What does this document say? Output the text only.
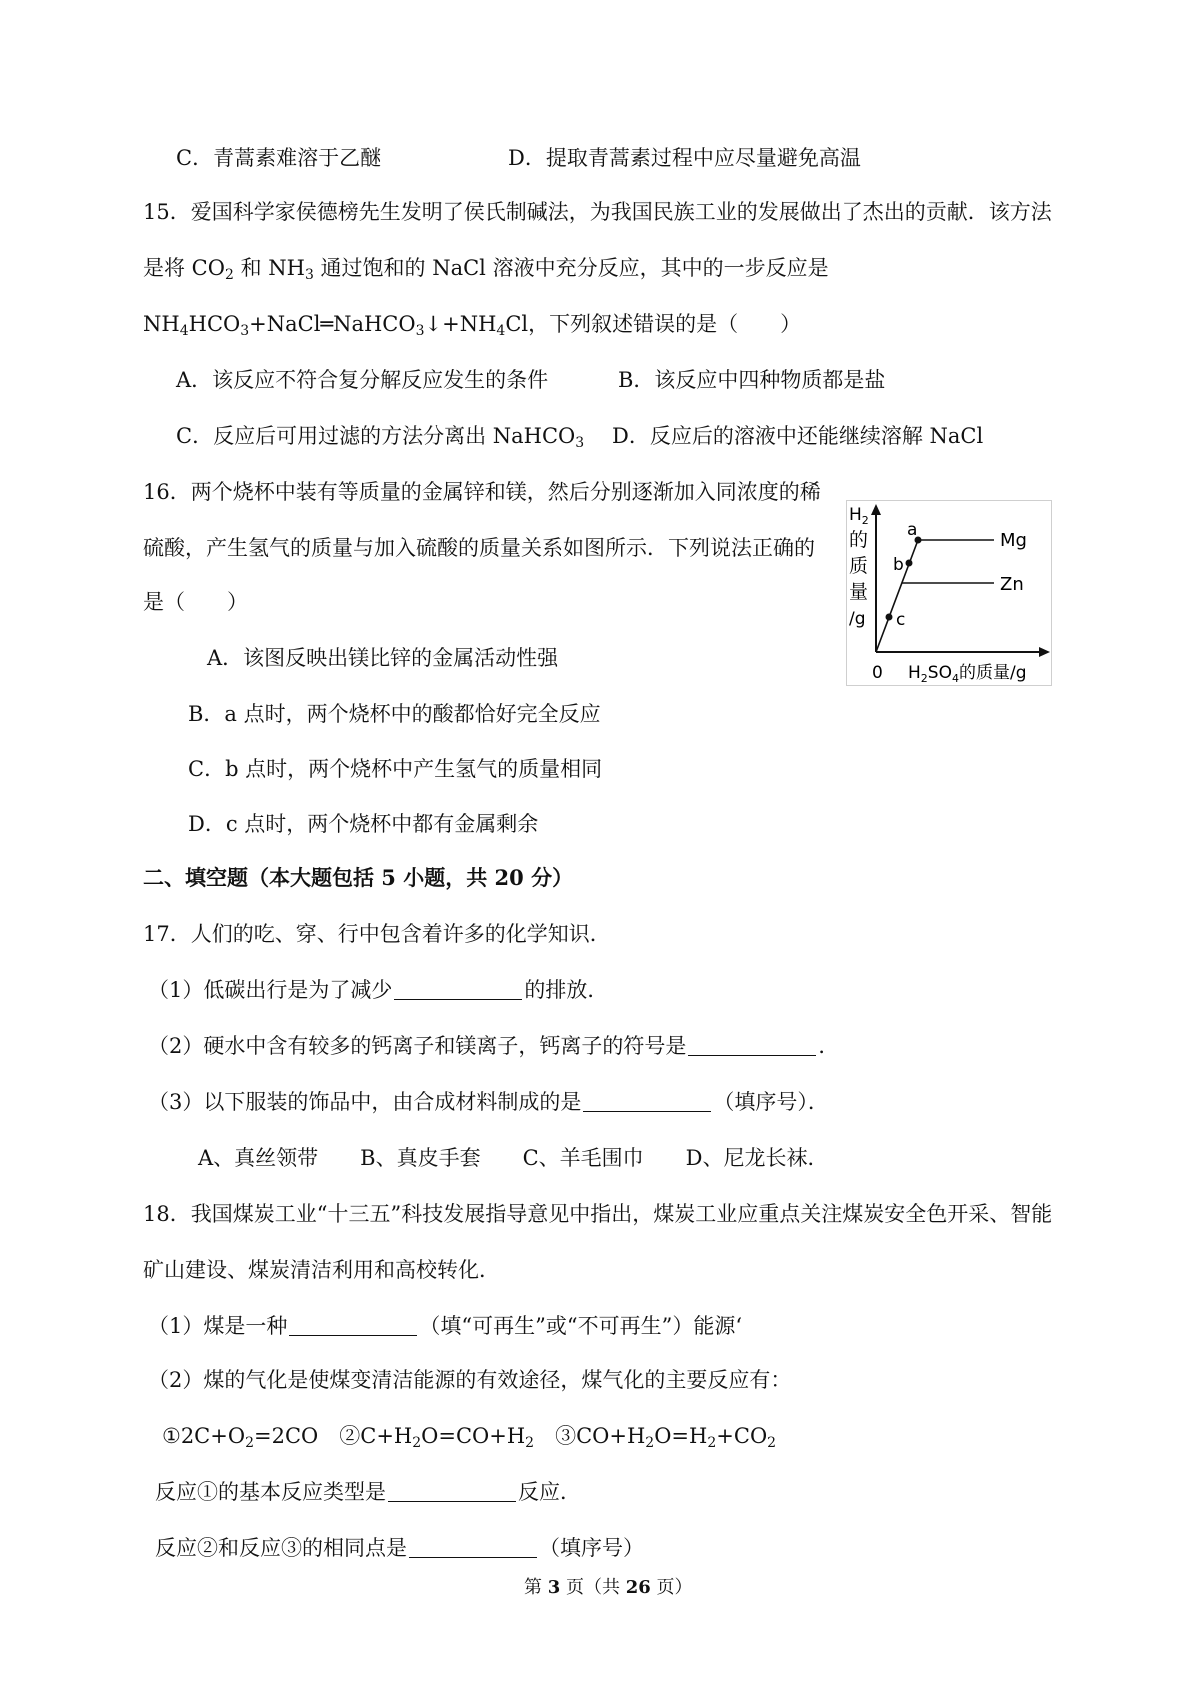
C．青蒿素难溶于乙醚	D．提取青蒿素过程中应尽量避免高温
15．爱国科学家侯德榜先生发明了侯氏制碱法，为我国民族工业的发展做出了杰出的贡献．该方法
是将 $CO_2$ 和 $NH_3$ 通过饱和的 NaCl 溶液中充分反应，其中的一步反应是
$NH_4HCO_3+NaCl═NaHCO_3↓+NH_4Cl$，下列叙述错误的是（　　）
A．该反应不符合复分解反应发生的条件	B．该反应中四种物质都是盐
C．反应后可用过滤的方法分离出 NaHCO$_3$ D．反应后的溶液中还能继续溶解 NaCl
16．两个烧杯中装有等质量的金属锌和镁，然后分别逐渐加入同浓度的稀
硫酸，产生氢气的质量与加入硫酸的质量关系如图所示．下列说法正确的
是（　　）
A．该图反映出镁比锌的金属活动性强
B．a 点时，两个烧杯中的酸都恰好完全反应
C．b 点时，两个烧杯中产生氢气的质量相同
D．c 点时，两个烧杯中都有金属剩余
a
b
c
Mg
Zn
$H_2$
的
质
量
/g
0 $H_2SO_4$的质量/g
二、填空题（本大题包括 5 小题，共 20 分）
17．人们的吃、穿、行中包含着许多的化学知识．
（1）低碳出行是为了减少	的排放．
（2）硬水中含有较多的钙离子和镁离子，钙离子的符号是	．
（3）以下服装的饰品中，由合成材料制成的是	（填序号）．
A、真丝领带　　B、真皮手套　　C、羊毛围巾　　D、尼龙长袜．
18．我国煤炭工业“十三五”科技发展指导意见中指出，煤炭工业应重点关注煤炭安全色开采、智能
矿山建设、煤炭清洁利用和高校转化．
（1）煤是一种	（填“可再生”或“不可再生”）能源‘
（2）煤的气化是使煤变清洁能源的有效途径，煤气化的主要反应有：
$①2C+O_2=2CO$　$②C+H_2O=CO+H_2$　 $③CO+H_2O=H_2+CO_2$
反应①的基本反应类型是	反应．
反应②和反应③的相同点是	（填序号）
第 3 页（共 26 页）
